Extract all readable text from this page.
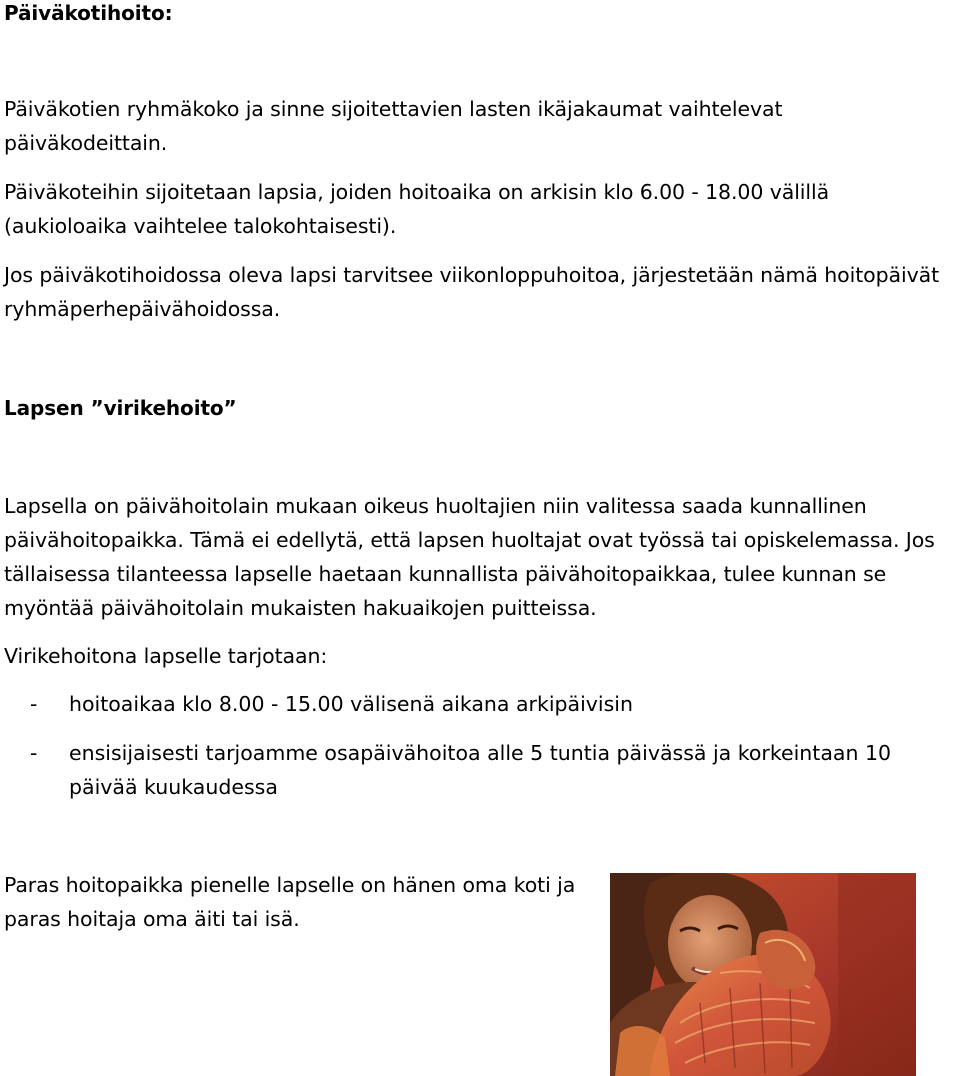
Päiväkotihoito:
Päiväkotien ryhmäkoko ja sinne sijoitettavien lasten ikäjakaumat vaihtelevat
päiväkodeittain.
Päiväkoteihin sijoitetaan lapsia, joiden hoitoaika on arkisin klo 6.00 - 18.00 välillä
(aukioloaika vaihtelee talokohtaisesti).
Jos päiväkotihoidossa oleva lapsi tarvitsee viikonloppuhoitoa, järjestetään nämä hoitopäivät
ryhmäperhepäivähoidossa.
Lapsen ”virikehoito”
Lapsella on päivähoitolain mukaan oikeus huoltajien niin valitessa saada kunnallinen
päivähoitopaikka. Tämä ei edellytä, että lapsen huoltajat ovat työssä tai opiskelemassa. Jos
tällaisessa tilanteessa lapselle haetaan kunnallista päivähoitopaikkaa, tulee kunnan se
myöntää päivähoitolain mukaisten hakuaikojen puitteissa.
Virikehoitona lapselle tarjotaan:
- hoitoaikaa klo 8.00 - 15.00 välisenä aikana arkipäivisin
- ensisijaisesti tarjoamme osapäivähoitoa alle 5 tuntia päivässä ja korkeintaan 10
päivää kuukaudessa
Paras hoitopaikka pienelle lapselle on hänen oma koti ja
paras hoitaja oma äiti tai isä.
